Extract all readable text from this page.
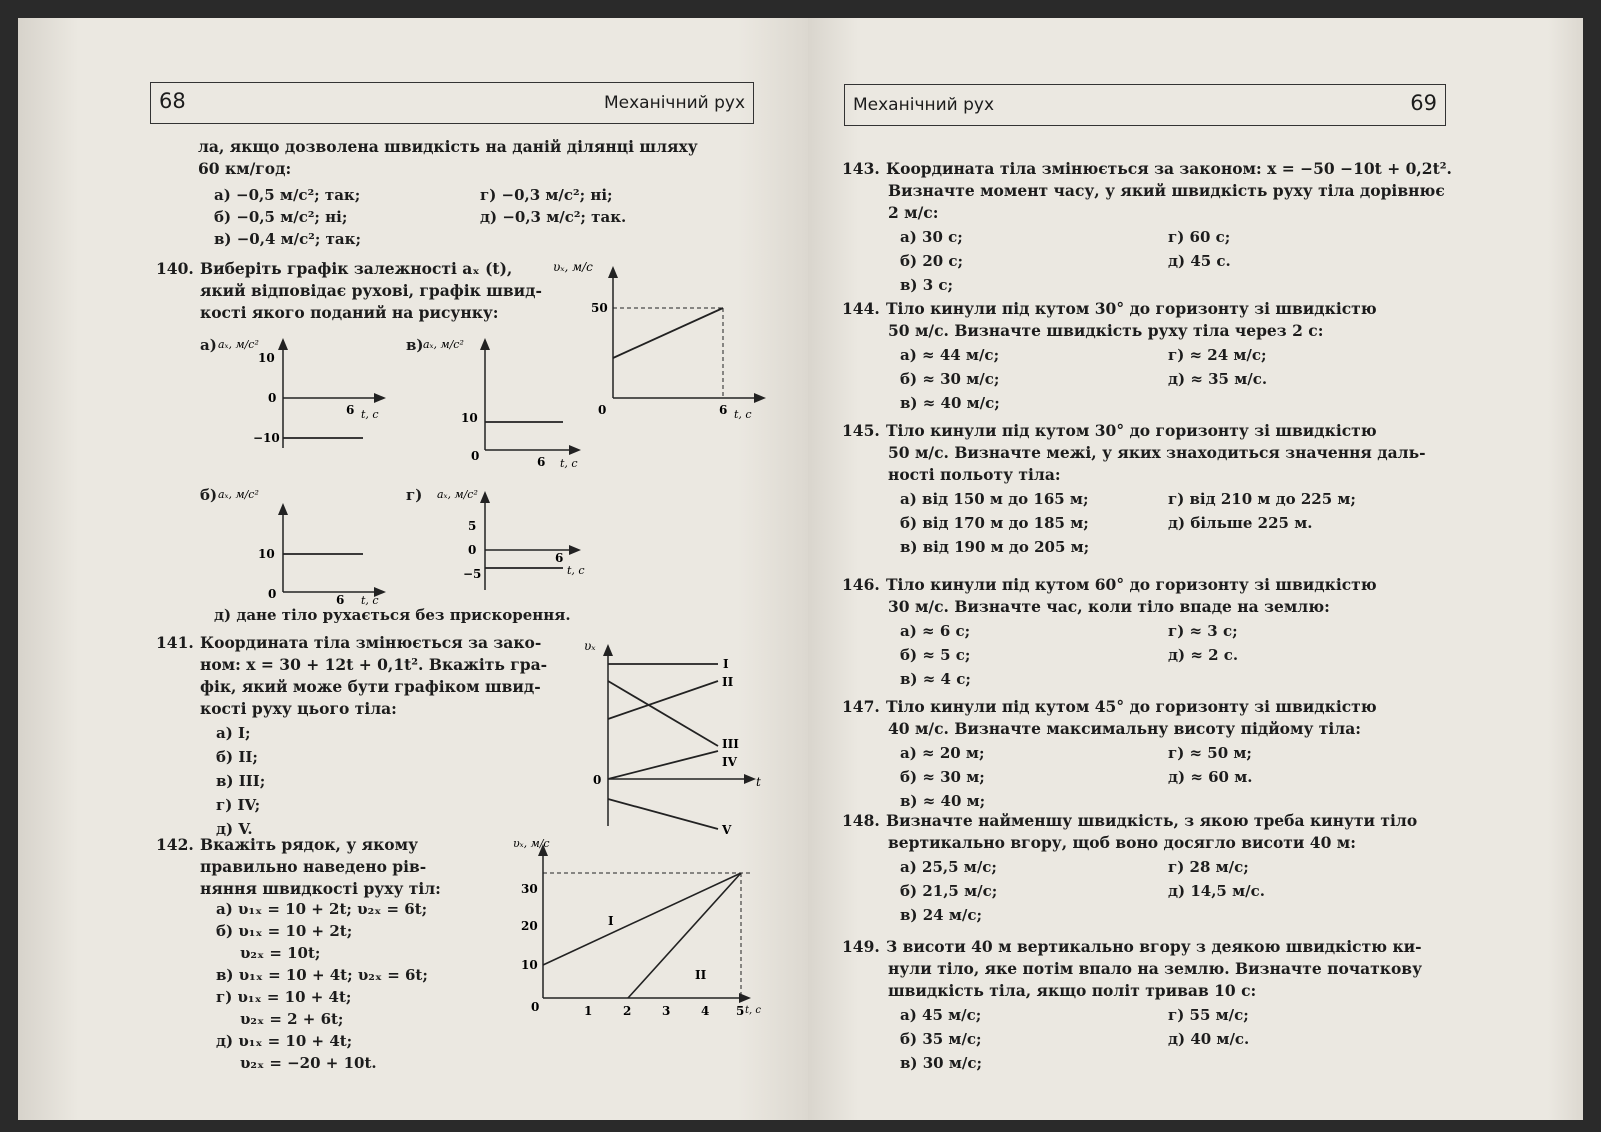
68	Механічний рух
ла, якщо дозволена швидкість на даній ділянці шляху
60 км/год:
а) −0,5 м/с²; так;
б) −0,5 м/с²; ні;
в) −0,4 м/с²; так;
г) −0,3 м/с²; ні;
д) −0,3 м/с²; так.
140. Виберіть графік залежності aₓ (t),
який відповідає рухові, графік швид-
кості якого поданий на рисунку:
υₓ, м/с
50
0	6 t, c
а) aₓ, м/с²
10
0
−10
6 t, c
в) aₓ, м/с²
10
0	6 t, c
б) aₓ, м/с²
10
0	6 t, c
г) aₓ, м/с²
5
0
−5
6
t, c
д) дане тіло рухається без прискорення.
141. Координата тіла змінюється за зако-
ном: x = 30 + 12t + 0,1t². Вкажіть гра-
фік, який може бути графіком швид-
кості руху цього тіла:
а) I;
б) II;
в) III;
г) IV;
д) V.
υₓ
0	t
I
II
III
IV
V
142. Вкажіть рядок, у якому
правильно наведено рів-
няння швидкості руху тіл:
а) υ₁ₓ = 10 + 2t; υ₂ₓ = 6t;
б) υ₁ₓ = 10 + 2t;
υ₂ₓ = 10t;
в) υ₁ₓ = 10 + 4t; υ₂ₓ = 6t;
г) υ₁ₓ = 10 + 4t;
υ₂ₓ = 2 + 6t;
д) υ₁ₓ = 10 + 4t;
υ₂ₓ = −20 + 10t.
υₓ, м/с
30
20
10
0	1	2	3	4 5 t, c
I
II
Механічний рух	69
143. Координата тіла змінюється за законом: x = −50 −10t + 0,2t².
Визначте момент часу, у який швидкість руху тіла дорівнює
2 м/с:
а) 30 с;
б) 20 с;
в) 3 с;
г) 60 с;
д) 45 с.
144. Тіло кинули під кутом 30° до горизонту зі швидкістю
50 м/с. Визначте швидкість руху тіла через 2 с:
а) ≈ 44 м/с;
б) ≈ 30 м/с;
в) ≈ 40 м/с;
г) ≈ 24 м/с;
д) ≈ 35 м/с.
145. Тіло кинули під кутом 30° до горизонту зі швидкістю
50 м/с. Визначте межі, у яких знаходиться значення даль-
ності польоту тіла:
а) від 150 м до 165 м;
б) від 170 м до 185 м;
в) від 190 м до 205 м;
г) від 210 м до 225 м;
д) більше 225 м.
146. Тіло кинули під кутом 60° до горизонту зі швидкістю
30 м/с. Визначте час, коли тіло впаде на землю:
а) ≈ 6 с;
б) ≈ 5 с;
в) ≈ 4 с;
г) ≈ 3 с;
д) ≈ 2 с.
147. Тіло кинули під кутом 45° до горизонту зі швидкістю
40 м/с. Визначте максимальну висоту підйому тіла:
а) ≈ 20 м;
б) ≈ 30 м;
в) ≈ 40 м;
г) ≈ 50 м;
д) ≈ 60 м.
148. Визначте найменшу швидкість, з якою треба кинути тіло
вертикально вгору, щоб воно досягло висоти 40 м:
а) 25,5 м/с;
б) 21,5 м/с;
в) 24 м/с;
г) 28 м/с;
д) 14,5 м/с.
149. З висоти 40 м вертикально вгору з деякою швидкістю ки-
нули тіло, яке потім впало на землю. Визначте початкову
швидкість тіла, якщо політ тривав 10 с:
а) 45 м/с;
б) 35 м/с;
в) 30 м/с;
г) 55 м/с;
д) 40 м/с.
